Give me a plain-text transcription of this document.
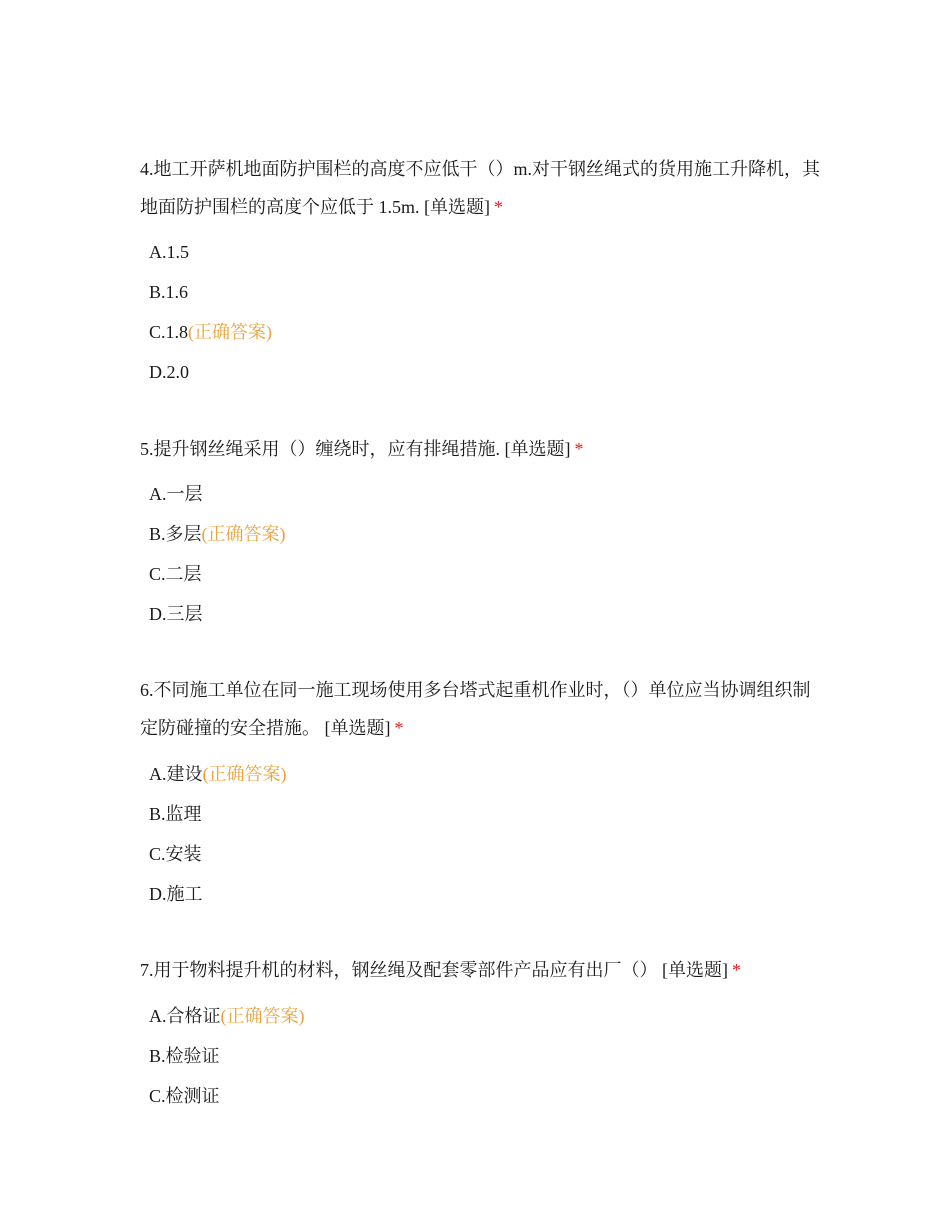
4.地工开萨机地面防护围栏的高度不应低干（）m.对干钢丝绳式的货用施工升降机，其地面防护围栏的高度个应低于 1.5m. [单选题] *

A.1.5
B.1.6
C.1.8(正确答案)
D.2.0

5.提升钢丝绳采用（）缠绕时，应有排绳措施. [单选题] *

A.一层
B.多层(正确答案)
C.二层
D.三层

6.不同施工单位在同一施工现场使用多台塔式起重机作业时，（）单位应当协调组织制定防碰撞的安全措施。 [单选题] *

A.建设(正确答案)
B.监理
C.安装
D.施工

7.用于物料提升机的材料，钢丝绳及配套零部件产品应有出厂（） [单选题] *

A.合格证(正确答案)
B.检验证
C.检测证
